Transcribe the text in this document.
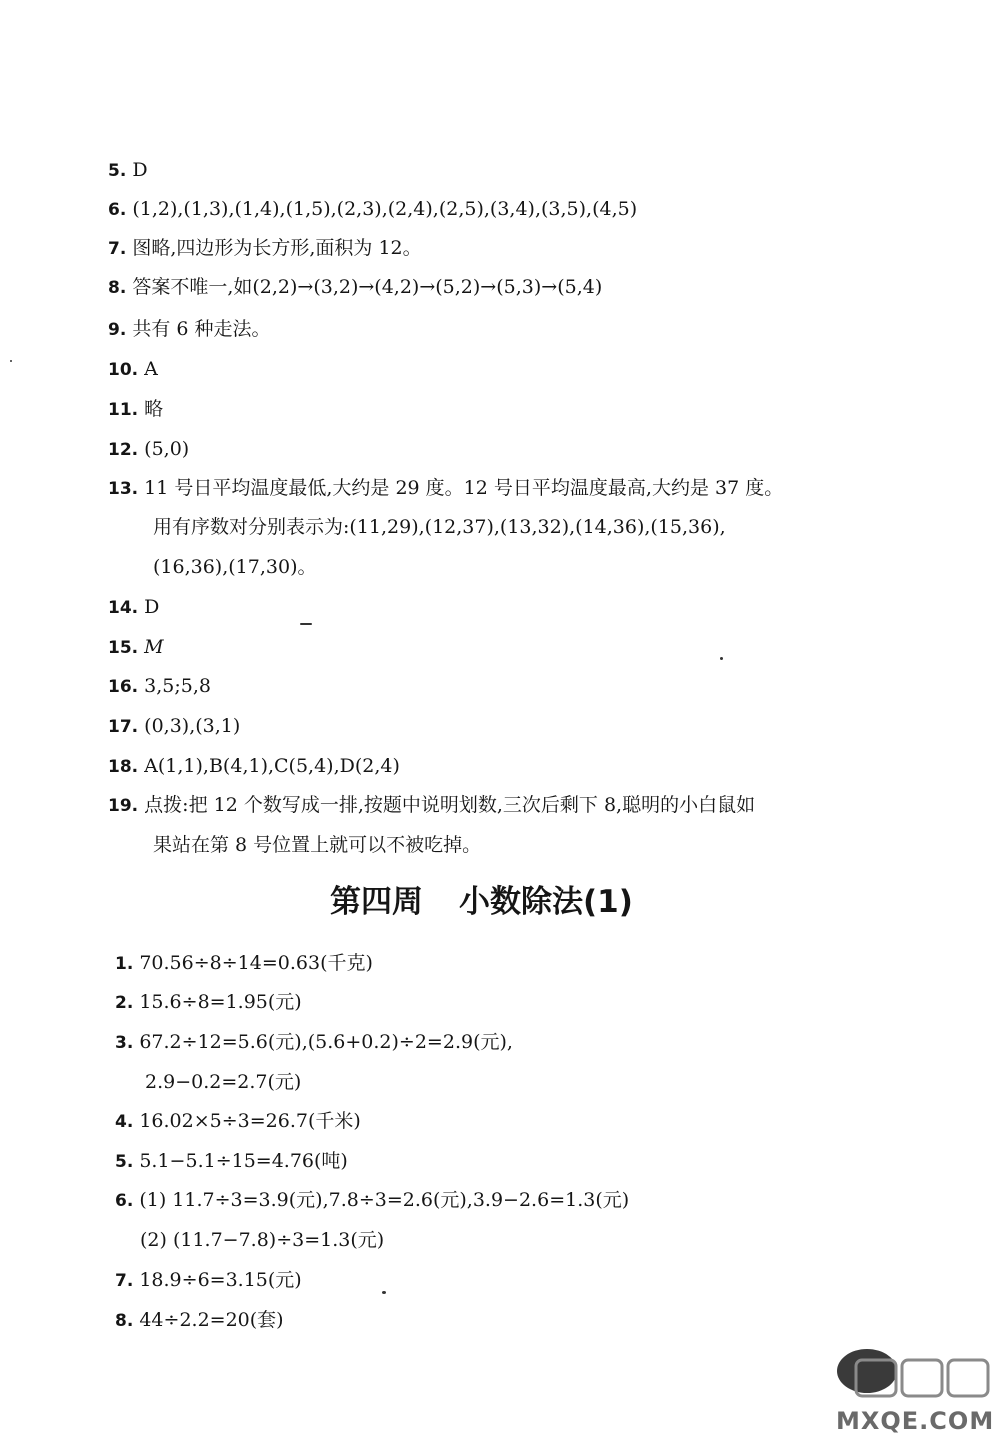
5. D
6. (1,2),(1,3),(1,4),(1,5),(2,3),(2,4),(2,5),(3,4),(3,5),(4,5)
7. 图略,四边形为长方形,面积为 12。
8. 答案不唯一,如(2,2)→(3,2)→(4,2)→(5,2)→(5,3)→(5,4)
9. 共有 6 种走法。
10. A
11. 略
12. (5,0)
13. 11 号日平均温度最低,大约是 29 度。12 号日平均温度最高,大约是 37 度。
用有序数对分别表示为:(11,29),(12,37),(13,32),(14,36),(15,36),
(16,36),(17,30)。
14. D
15. M
16. 3,5;5,8
17. (0,3),(3,1)
18. A(1,1),B(4,1),C(5,4),D(2,4)
19. 点拨:把 12 个数写成一排,按题中说明划数,三次后剩下 8,聪明的小白鼠如
果站在第 8 号位置上就可以不被吃掉。
第四周 小数除法(1)
1. 70.56÷8÷14=0.63(千克)
2. 15.6÷8=1.95(元)
3. 67.2÷12=5.6(元),(5.6+0.2)÷2=2.9(元),
2.9−0.2=2.7(元)
4. 16.02×5÷3=26.7(千米)
5. 5.1−5.1÷15=4.76(吨)
6. (1) 11.7÷3=3.9(元),7.8÷3=2.6(元),3.9−2.6=1.3(元)
(2) (11.7−7.8)÷3=1.3(元)
7. 18.9÷6=3.15(元)
8. 44÷2.2=20(套)
MXQE.COM
